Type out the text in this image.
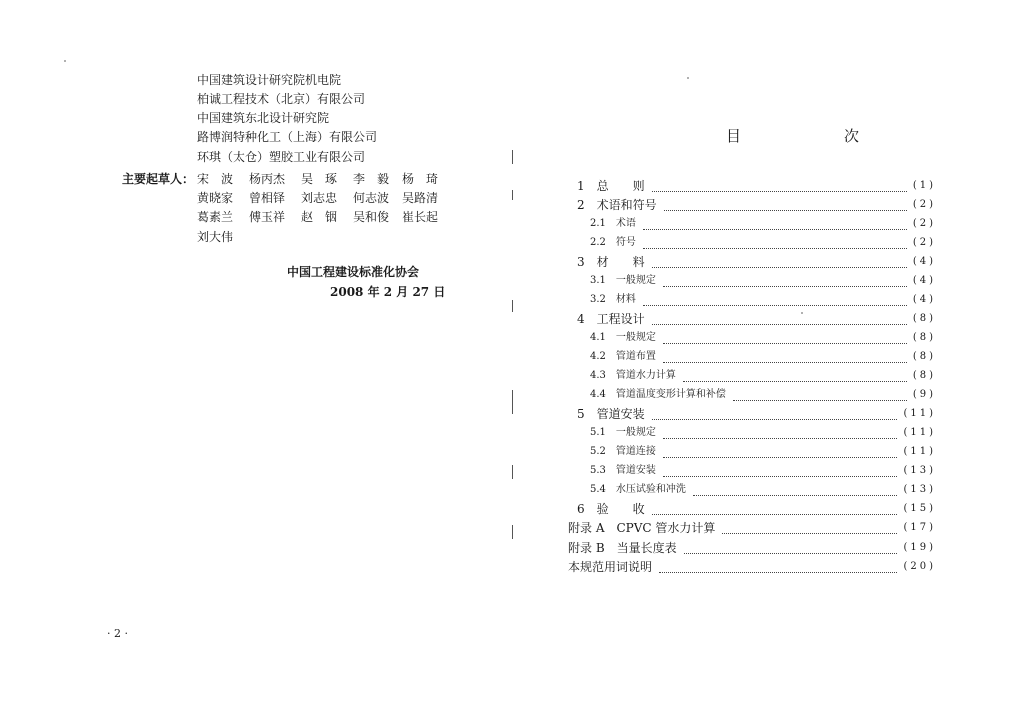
中国建筑设计研究院机电院
柏诚工程技术（北京）有限公司
中国建筑东北设计研究院
路博润特种化工（上海）有限公司
环琪（太仓）塑胶工业有限公司
主要起草人： 宋　波 杨丙杰 吴　琢 李　毅 杨　琦
黄晓家 曾相铎 刘志忠 何志波 吴路清
葛素兰 傅玉祥 赵　铟 吴和俊 崔长起
刘大伟
中国工程建设标准化协会
2008 年 2 月 27 日
· 2 ·
目　次
1　总　　则	(1)
2　术语和符号	(2)
2.1　术语	(2)
2.2　符号	(2)
3　材　　料	(4)
3.1　一般规定	(4)
3.2　材料	(4)
4　工程设计	(8)
4.1　一般规定	(8)
4.2　管道布置	(8)
4.3　管道水力计算	(8)
4.4　管道温度变形计算和补偿	(9)
5　管道安装	(11)
5.1　一般规定	(11)
5.2　管道连接	(11)
5.3　管道安装	(13)
5.4　水压试验和冲洗	(13)
6　验　　收	(15)
附录 A　CPVC 管水力计算	(17)
附录 B　当量长度表	(19)
本规范用词说明	(20)
